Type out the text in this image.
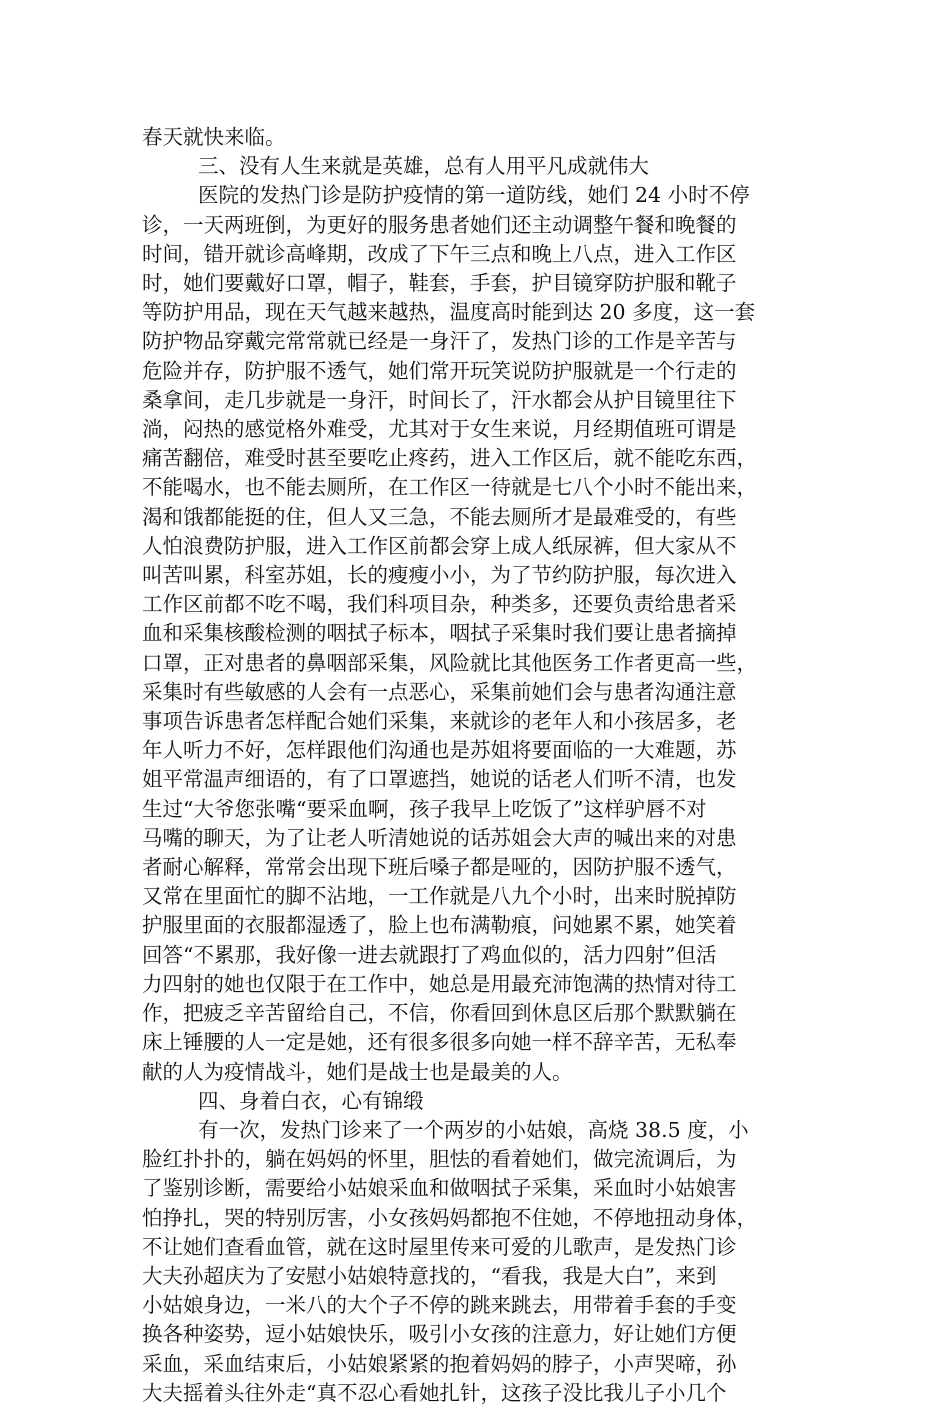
春天就快来临。
三、没有人生来就是英雄，总有人用平凡成就伟大
医院的发热门诊是防护疫情的第一道防线，她们 24 小时不停
诊，一天两班倒，为更好的服务患者她们还主动调整午餐和晚餐的
时间，错开就诊高峰期，改成了下午三点和晚上八点，进入工作区
时，她们要戴好口罩，帽子，鞋套，手套，护目镜穿防护服和靴子
等防护用品，现在天气越来越热，温度高时能到达 20 多度，这一套
防护物品穿戴完常常就已经是一身汗了，发热门诊的工作是辛苦与
危险并存，防护服不透气，她们常开玩笑说防护服就是一个行走的
桑拿间，走几步就是一身汗，时间长了，汗水都会从护目镜里往下
淌，闷热的感觉格外难受，尤其对于女生来说，月经期值班可谓是
痛苦翻倍，难受时甚至要吃止疼药，进入工作区后，就不能吃东西，
不能喝水，也不能去厕所，在工作区一待就是七八个小时不能出来，
渴和饿都能挺的住，但人又三急，不能去厕所才是最难受的，有些
人怕浪费防护服，进入工作区前都会穿上成人纸尿裤，但大家从不
叫苦叫累，科室苏姐，长的瘦瘦小小，为了节约防护服，每次进入
工作区前都不吃不喝，我们科项目杂，种类多，还要负责给患者采
血和采集核酸检测的咽拭子标本，咽拭子采集时我们要让患者摘掉
口罩，正对患者的鼻咽部采集，风险就比其他医务工作者更高一些，
采集时有些敏感的人会有一点恶心，采集前她们会与患者沟通注意
事项告诉患者怎样配合她们采集，来就诊的老年人和小孩居多，老
年人听力不好，怎样跟他们沟通也是苏姐将要面临的一大难题，苏
姐平常温声细语的，有了口罩遮挡，她说的话老人们听不清，也发
生过“大爷您张嘴“要采血啊，孩子我早上吃饭了”这样驴唇不对
马嘴的聊天，为了让老人听清她说的话苏姐会大声的喊出来的对患
者耐心解释，常常会出现下班后嗓子都是哑的，因防护服不透气，
又常在里面忙的脚不沾地，一工作就是八九个小时，出来时脱掉防
护服里面的衣服都湿透了，脸上也布满勒痕，问她累不累，她笑着
回答“不累那，我好像一进去就跟打了鸡血似的，活力四射”但活
力四射的她也仅限于在工作中，她总是用最充沛饱满的热情对待工
作，把疲乏辛苦留给自己，不信，你看回到休息区后那个默默躺在
床上锤腰的人一定是她，还有很多很多向她一样不辞辛苦，无私奉
献的人为疫情战斗，她们是战士也是最美的人。
四、身着白衣，心有锦缎
有一次，发热门诊来了一个两岁的小姑娘，高烧 38.5 度，小
脸红扑扑的，躺在妈妈的怀里，胆怯的看着她们，做完流调后，为
了鉴别诊断，需要给小姑娘采血和做咽拭子采集，采血时小姑娘害
怕挣扎，哭的特别厉害，小女孩妈妈都抱不住她，不停地扭动身体，
不让她们查看血管，就在这时屋里传来可爱的儿歌声，是发热门诊
大夫孙超庆为了安慰小姑娘特意找的，“看我，我是大白”，来到
小姑娘身边，一米八的大个子不停的跳来跳去，用带着手套的手变
换各种姿势，逗小姑娘快乐，吸引小女孩的注意力，好让她们方便
采血，采血结束后，小姑娘紧紧的抱着妈妈的脖子，小声哭啼，孙
大夫摇着头往外走“真不忍心看她扎针，这孩子没比我儿子小几个
